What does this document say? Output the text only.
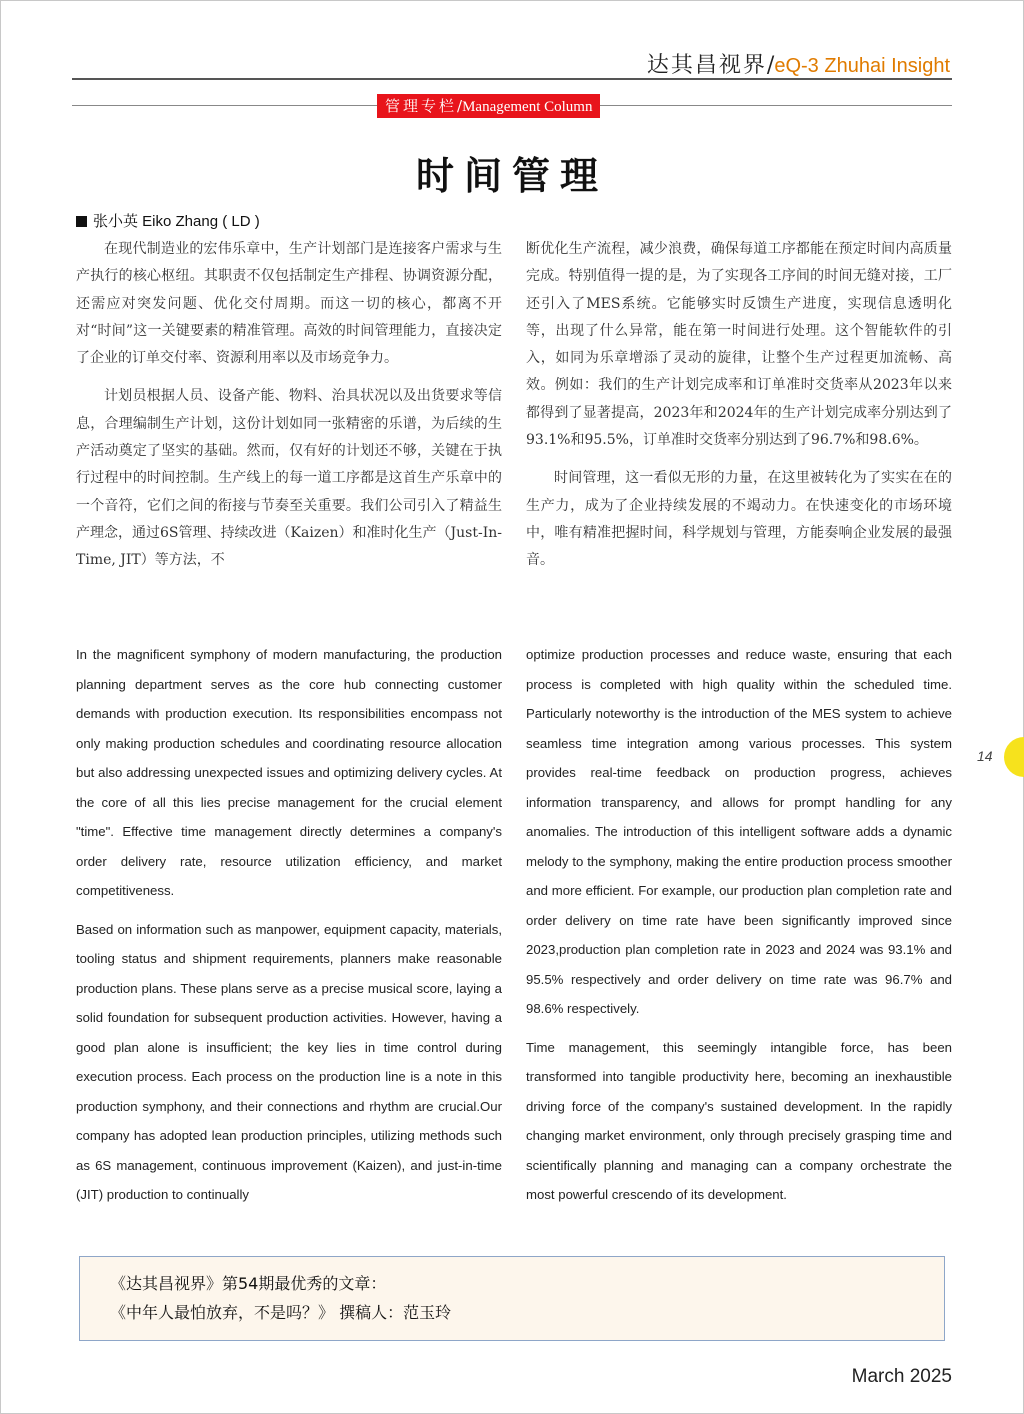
达其昌视界/eQ-3 Zhuhai Insight
管理专栏/Management Column
时间管理
张小英 Eiko Zhang ( LD )

在现代制造业的宏伟乐章中，生产计划部门是连接客户需求与生产执行的核心枢纽。其职责不仅包括制定生产排程、协调资源分配，还需应对突发问题、优化交付周期。而这一切的核心，都离不开对“时间”这一关键要素的精准管理。高效的时间管理能力，直接决定了企业的订单交付率、资源利用率以及市场竞争力。

计划员根据人员、设备产能、物料、治具状况以及出货要求等信息，合理编制生产计划，这份计划如同一张精密的乐谱，为后续的生产活动奠定了坚实的基础。然而，仅有好的计划还不够，关键在于执行过程中的时间控制。生产线上的每一道工序都是这首生产乐章中的一个音符，它们之间的衔接与节奏至关重要。我们公司引入了精益生产理念，通过6S管理、持续改进（Kaizen）和准时化生产（Just-In-Time, JIT）等方法，不

断优化生产流程，减少浪费，确保每道工序都能在预定时间内高质量完成。特别值得一提的是，为了实现各工序间的时间无缝对接，工厂还引入了MES系统。它能够实时反馈生产进度，实现信息透明化等，出现了什么异常，能在第一时间进行处理。这个智能软件的引入，如同为乐章增添了灵动的旋律，让整个生产过程更加流畅、高效。例如：我们的生产计划完成率和订单准时交货率从2023年以来都得到了显著提高，2023年和2024年的生产计划完成率分别达到了93.1%和95.5%，订单准时交货率分别达到了96.7%和98.6%。

时间管理，这一看似无形的力量，在这里被转化为了实实在在的生产力，成为了企业持续发展的不竭动力。在快速变化的市场环境中，唯有精准把握时间，科学规划与管理，方能奏响企业发展的最强音。

In the magnificent symphony of modern manufacturing, the production planning department serves as the core hub connecting customer demands with production execution. Its responsibilities encompass not only making production schedules and coordinating resource allocation but also addressing unexpected issues and optimizing delivery cycles. At the core of all this lies precise management for the crucial element "time". Effective time management directly determines a company's order delivery rate, resource utilization efficiency, and market competitiveness.

Based on information such as manpower, equipment capacity, materials, tooling status and shipment requirements, planners make reasonable production plans. These plans serve as a precise musical score, laying a solid foundation for subsequent production activities. However, having a good plan alone is insufficient; the key lies in time control during execution process. Each process on the production line is a note in this production symphony, and their connections and rhythm are crucial.Our company has adopted lean production principles, utilizing methods such as 6S management, continuous improvement (Kaizen), and just-in-time (JIT) production to continually

optimize production processes and reduce waste, ensuring that each process is completed with high quality within the scheduled time. Particularly noteworthy is the introduction of the MES system to achieve seamless time integration among various processes. This system provides real-time feedback on production progress, achieves information transparency, and allows for prompt handling for any anomalies. The introduction of this intelligent software adds a dynamic melody to the symphony, making the entire production process smoother and more efficient. For example, our production plan completion rate and order delivery on time rate have been significantly improved since 2023,production plan completion rate in 2023 and 2024 was 93.1% and 95.5% respectively and order delivery on time rate was 96.7% and 98.6% respectively.

Time management, this seemingly intangible force, has been transformed into tangible productivity here, becoming an inexhaustible driving force of the company's sustained development. In the rapidly changing market environment, only through precisely grasping time and scientifically planning and managing can a company orchestrate the most powerful crescendo of its development.

14
《达其昌视界》第54期最优秀的文章：
《中年人最怕放弃，不是吗？》 撰稿人：范玉玲
March 2025
